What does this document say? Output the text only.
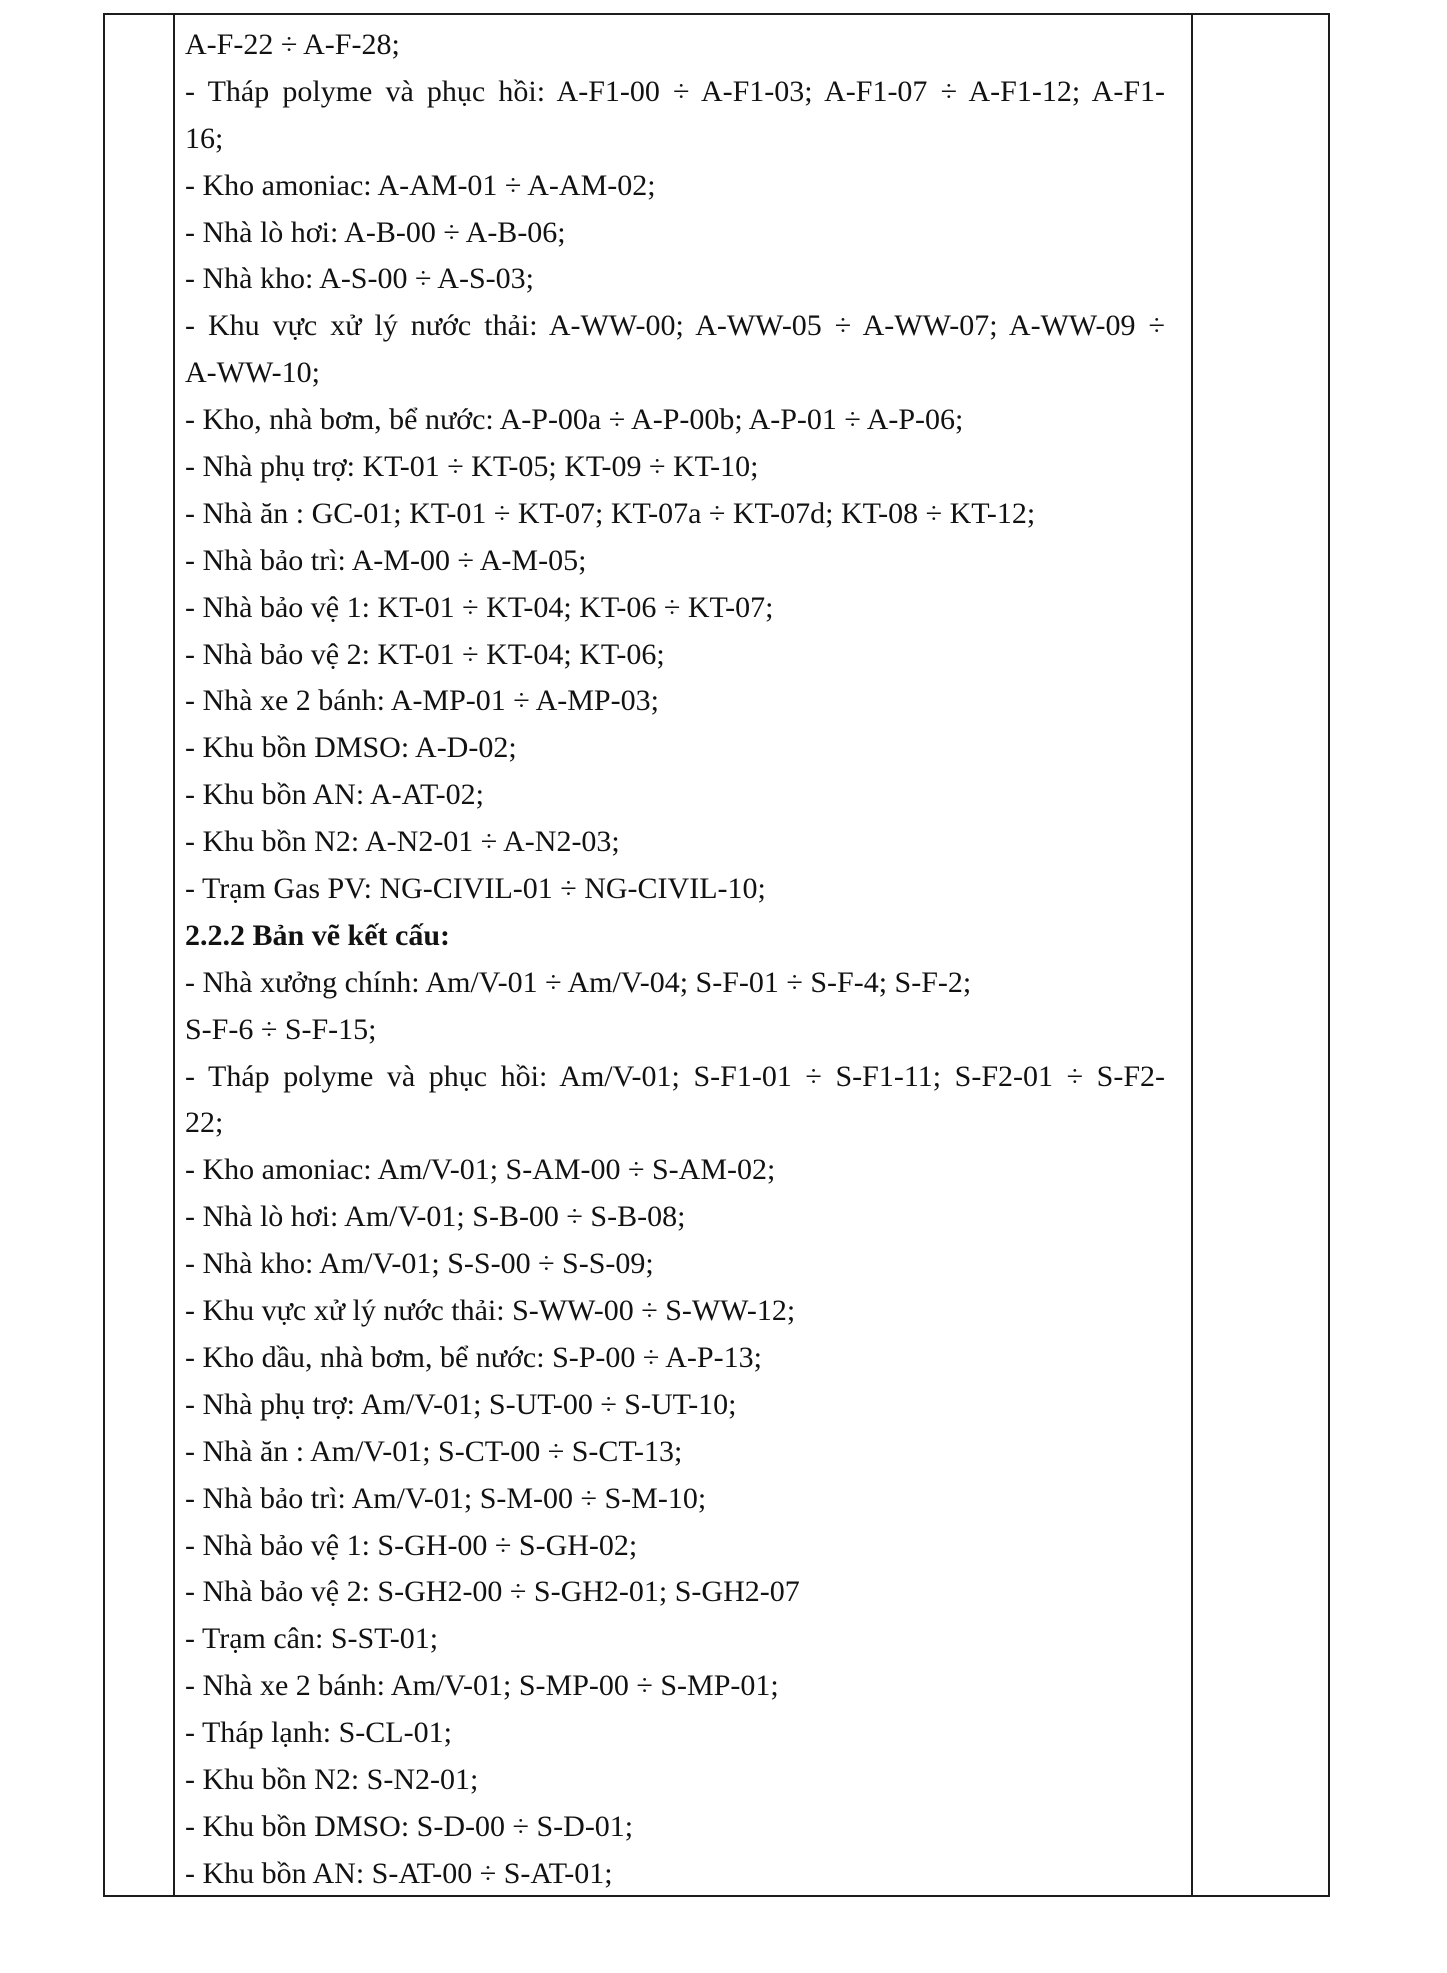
A-F-22 ÷ A-F-28;
- Tháp polyme và phục hồi: A-F1-00 ÷ A-F1-03; A-F1-07 ÷ A-F1-12; A-F1-
16;
- Kho amoniac: A-AM-01 ÷ A-AM-02;
- Nhà lò hơi: A-B-00 ÷ A-B-06;
- Nhà kho: A-S-00 ÷ A-S-03;
- Khu vực xử lý nước thải: A-WW-00; A-WW-05 ÷ A-WW-07; A-WW-09 ÷
A-WW-10;
- Kho, nhà bơm, bể nước: A-P-00a ÷ A-P-00b; A-P-01 ÷ A-P-06;
- Nhà phụ trợ: KT-01 ÷ KT-05; KT-09 ÷ KT-10;
- Nhà ăn : GC-01; KT-01 ÷ KT-07; KT-07a ÷ KT-07d; KT-08 ÷ KT-12;
- Nhà bảo trì: A-M-00 ÷ A-M-05;
- Nhà bảo vệ 1: KT-01 ÷ KT-04; KT-06 ÷ KT-07;
- Nhà bảo vệ 2: KT-01 ÷ KT-04; KT-06;
- Nhà xe 2 bánh: A-MP-01 ÷ A-MP-03;
- Khu bồn DMSO: A-D-02;
- Khu bồn AN: A-AT-02;
- Khu bồn N2: A-N2-01 ÷ A-N2-03;
- Trạm Gas PV: NG-CIVIL-01 ÷ NG-CIVIL-10;
2.2.2 Bản vẽ kết cấu:
- Nhà xưởng chính: Am/V-01 ÷ Am/V-04; S-F-01 ÷ S-F-4; S-F-2;
S-F-6 ÷ S-F-15;
- Tháp polyme và phục hồi: Am/V-01; S-F1-01 ÷ S-F1-11; S-F2-01 ÷ S-F2-
22;
- Kho amoniac: Am/V-01; S-AM-00 ÷ S-AM-02;
- Nhà lò hơi: Am/V-01; S-B-00 ÷ S-B-08;
- Nhà kho: Am/V-01; S-S-00 ÷ S-S-09;
- Khu vực xử lý nước thải: S-WW-00 ÷ S-WW-12;
- Kho dầu, nhà bơm, bể nước: S-P-00 ÷ A-P-13;
- Nhà phụ trợ: Am/V-01; S-UT-00 ÷ S-UT-10;
- Nhà ăn : Am/V-01; S-CT-00 ÷ S-CT-13;
- Nhà bảo trì: Am/V-01; S-M-00 ÷ S-M-10;
- Nhà bảo vệ 1: S-GH-00 ÷ S-GH-02;
- Nhà bảo vệ 2: S-GH2-00 ÷ S-GH2-01; S-GH2-07
- Trạm cân: S-ST-01;
- Nhà xe 2 bánh: Am/V-01; S-MP-00 ÷ S-MP-01;
- Tháp lạnh: S-CL-01;
- Khu bồn N2: S-N2-01;
- Khu bồn DMSO: S-D-00 ÷ S-D-01;
- Khu bồn AN: S-AT-00 ÷ S-AT-01;
